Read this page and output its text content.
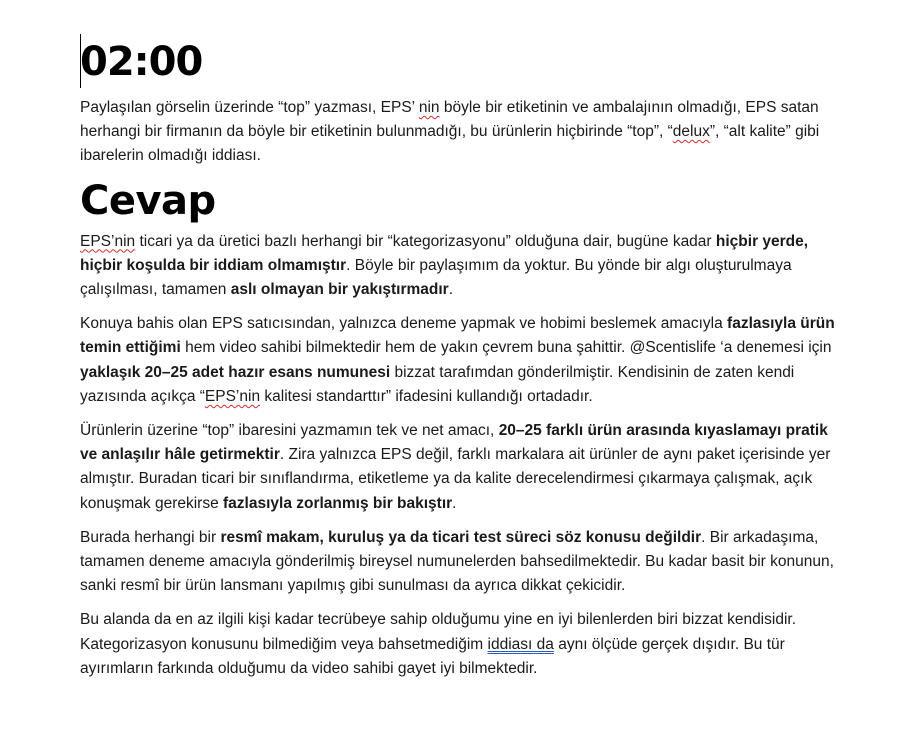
02:00

Paylaşılan görselin üzerinde “top” yazması, EPS’ nin böyle bir etiketinin ve ambalajının olmadığı, EPS satan herhangi bir firmanın da böyle bir etiketinin bulunmadığı, bu ürünlerin hiçbirinde “top”, “delux”, “alt kalite” gibi ibarelerin olmadığı iddiası.

Cevap

EPS’nin ticari ya da üretici bazlı herhangi bir “kategorizasyonu” olduğuna dair, bugüne kadar hiçbir yerde, hiçbir koşulda bir iddiam olmamıştır. Böyle bir paylaşımım da yoktur. Bu yönde bir algı oluşturulmaya çalışılması, tamamen aslı olmayan bir yakıştırmadır.

Konuya bahis olan EPS satıcısından, yalnızca deneme yapmak ve hobimi beslemek amacıyla fazlasıyla ürün temin ettiğimi hem video sahibi bilmektedir hem de yakın çevrem buna şahittir. @Scentislife ‘a denemesi için yaklaşık 20–25 adet hazır esans numunesi bizzat tarafımdan gönderilmiştir. Kendisinin de zaten kendi yazısında açıkça “EPS’nin kalitesi standarttır” ifadesini kullandığı ortadadır.

Ürünlerin üzerine “top” ibaresini yazmamın tek ve net amacı, 20–25 farklı ürün arasında kıyaslamayı pratik ve anlaşılır hâle getirmektir. Zira yalnızca EPS değil, farklı markalara ait ürünler de aynı paket içerisinde yer almıştır. Buradan ticari bir sınıflandırma, etiketleme ya da kalite derecelendirmesi çıkarmaya çalışmak, açık konuşmak gerekirse fazlasıyla zorlanmış bir bakıştır.

Burada herhangi bir resmî makam, kuruluş ya da ticari test süreci söz konusu değildir. Bir arkadaşıma, tamamen deneme amacıyla gönderilmiş bireysel numunelerden bahsedilmektedir. Bu kadar basit bir konunun, sanki resmî bir ürün lansmanı yapılmış gibi sunulması da ayrıca dikkat çekicidir.

Bu alanda da en az ilgili kişi kadar tecrübeye sahip olduğumu yine en iyi bilenlerden biri bizzat kendisidir. Kategorizasyon konusunu bilmediğim veya bahsetmediğim iddiası da aynı ölçüde gerçek dışıdır. Bu tür ayırımların farkında olduğumu da video sahibi gayet iyi bilmektedir.
